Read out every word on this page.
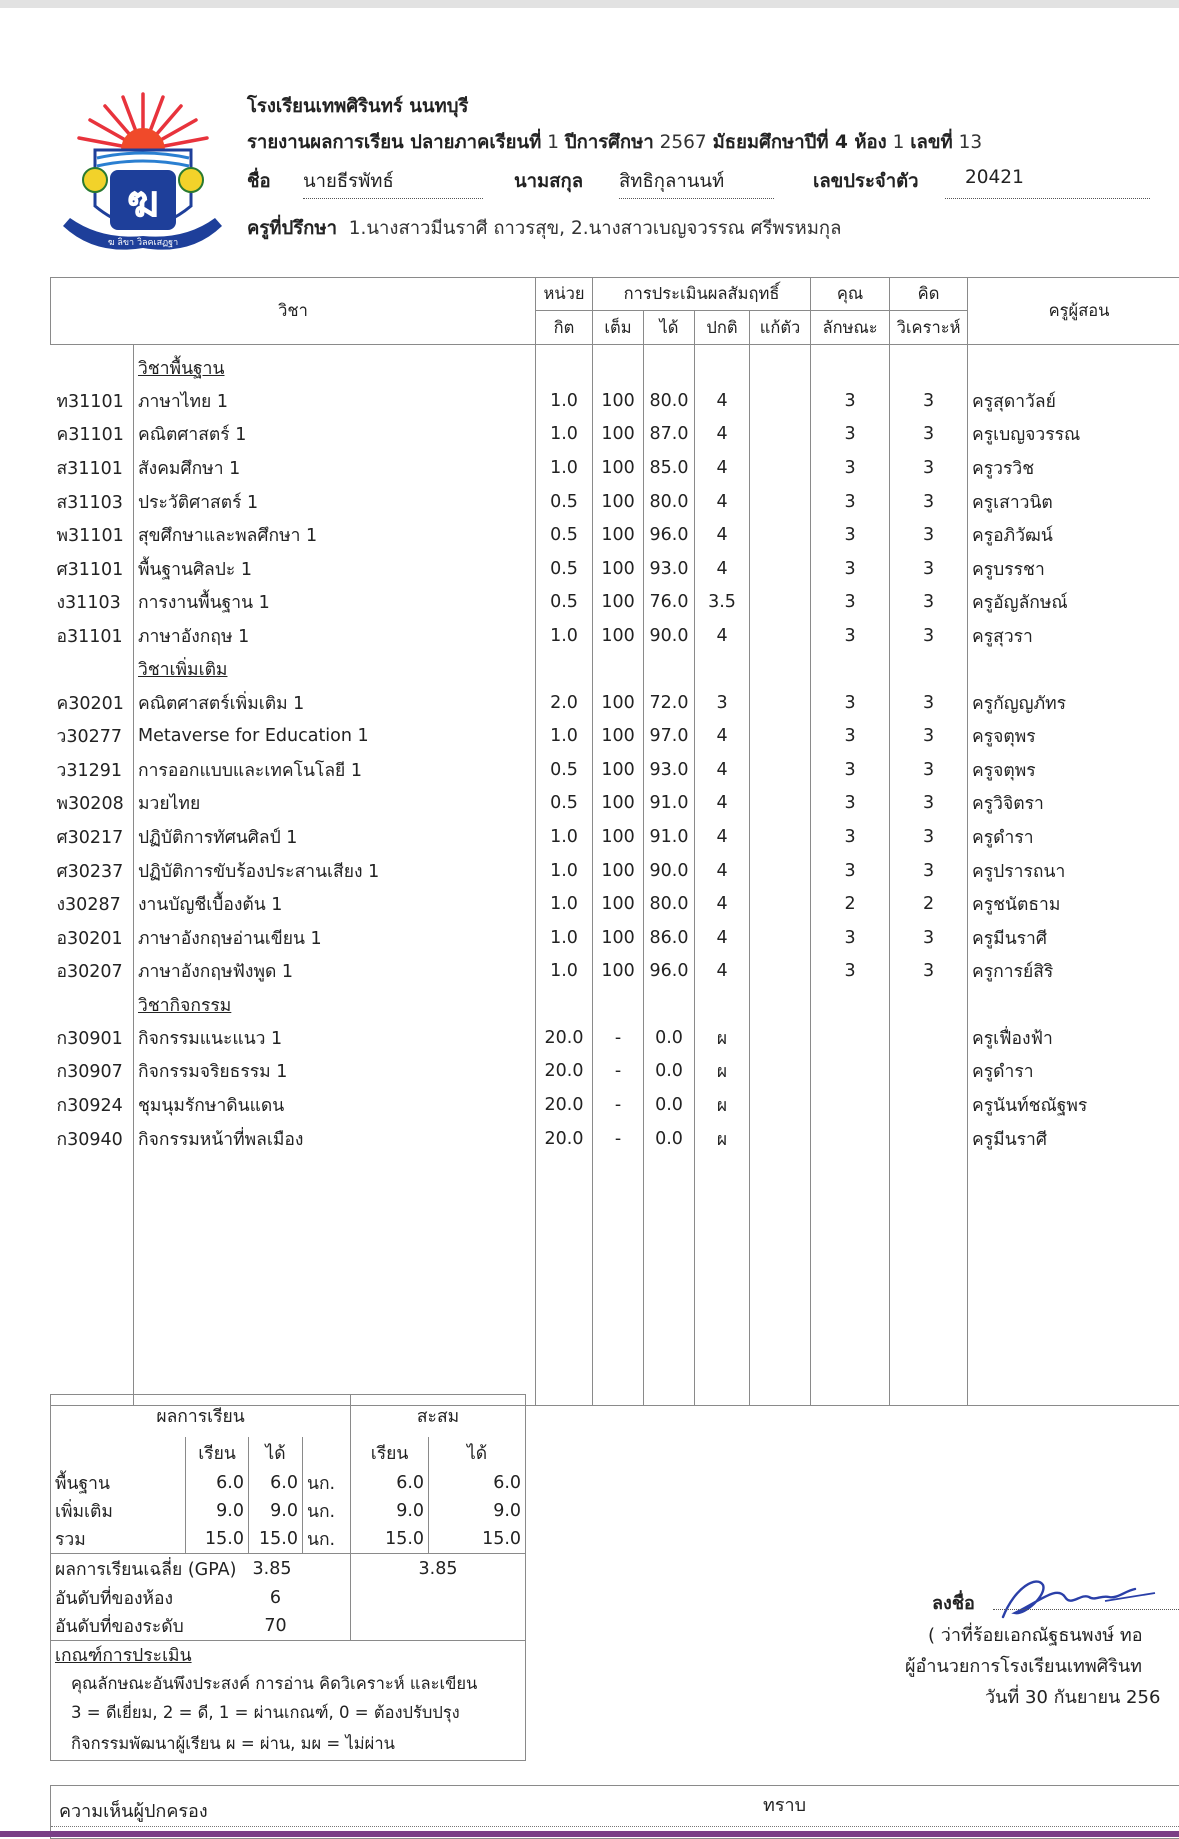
ฆ
ฆ ลิขา วิลคเสฏฐา
โรงเรียนเทพศิรินทร์ นนทบุรี
รายงานผลการเรียน ปลายภาคเรียนที่ 1 ปีการศึกษา 2567 มัธยมศึกษาปีที่ 4 ห้อง 1 เลขที่ 13
ชื่อ นายธีรพัทธ์	นามสกุล สิทธิกุลานนท์	เลขประจำตัว	20421
ครูที่ปรึกษา 1.นางสาวมีนราศี ถาวรสุข, 2.นางสาวเบญจวรรณ ศรีพรหมกุล
วิชา		หน่วย	การประเมินผลสัมฤทธิ์				คุณ	คิด	ครูผู้สอน
		กิต	เต็ม	ได้	ปกติ	แก้ตัว	ลักษณะ	วิเคราะห์	
	วิชาพื้นฐาน								
ท31101	ภาษาไทย 1	1.0	100	80.0	4		3	3	ครูสุดาวัลย์
ค31101	คณิตศาสตร์ 1	1.0	100	87.0	4		3	3	ครูเบญจวรรณ
ส31101	สังคมศึกษา 1	1.0	100	85.0	4		3	3	ครูวรวิช
ส31103	ประวัติศาสตร์ 1	0.5	100	80.0	4		3	3	ครูเสาวนิต
พ31101	สุขศึกษาและพลศึกษา 1	0.5	100	96.0	4		3	3	ครูอภิวัฒน์
ศ31101	พื้นฐานศิลปะ 1	0.5	100	93.0	4		3	3	ครูบรรชา
ง31103	การงานพื้นฐาน 1	0.5	100	76.0	3.5		3	3	ครูอัญลักษณ์
อ31101	ภาษาอังกฤษ 1	1.0	100	90.0	4		3	3	ครูสุวรา
	วิชาเพิ่มเติม								
ค30201	คณิตศาสตร์เพิ่มเติม 1	2.0	100	72.0	3		3	3	ครูกัญญภัทร
ว30277	Metaverse for Education 1	1.0	100	97.0	4		3	3	ครูจตุพร
ว31291	การออกแบบและเทคโนโลยี 1	0.5	100	93.0	4		3	3	ครูจตุพร
พ30208	มวยไทย	0.5	100	91.0	4		3	3	ครูวิจิตรา
ศ30217	ปฏิบัติการทัศนศิลป์ 1	1.0	100	91.0	4		3	3	ครูดำรา
ศ30237	ปฏิบัติการขับร้องประสานเสียง 1	1.0	100	90.0	4		3	3	ครูปรารถนา
ง30287	งานบัญชีเบื้องต้น 1	1.0	100	80.0	4		2	2	ครูชนัตธาม
อ30201	ภาษาอังกฤษอ่านเขียน 1	1.0	100	86.0	4		3	3	ครูมีนราศี
อ30207	ภาษาอังกฤษฟังพูด 1	1.0	100	96.0	4		3	3	ครูการย์สิริ
	วิชากิจกรรม								
ก30901	กิจกรรมแนะแนว 1	20.0	-	0.0	ผ				ครูเฟื่องฟ้า
ก30907	กิจกรรมจริยธรรม 1	20.0	-	0.0	ผ				ครูดำรา
ก30924	ชุมนุมรักษาดินแดน	20.0	-	0.0	ผ				ครูนันท์ชณัฐพร
ก30940	กิจกรรมหน้าที่พลเมือง	20.0	-	0.0	ผ				ครูมีนราศี

ผลการเรียน				สะสม	
	เรียน	ได้		เรียน	ได้
พื้นฐาน	6.0	6.0	นก.	6.0	6.0
เพิ่มเติม	9.0	9.0	นก.	9.0	9.0
รวม	15.0	15.0	นก.	15.0	15.0
ผลการเรียนเฉลี่ย (GPA)		3.85		3.85	
อันดับที่ของห้อง		6			
อันดับที่ของระดับ		70			
เกณฑ์การประเมิน					
คุณลักษณะอันพึงประสงค์ การอ่าน คิดวิเคราะห์ และเขียน					
3 = ดีเยี่ยม, 2 = ดี, 1 = ผ่านเกณฑ์, 0 = ต้องปรับปรุง					
กิจกรรมพัฒนาผู้เรียน ผ = ผ่าน, มผ = ไม่ผ่าน					
ลงชื่อ
( ว่าที่ร้อยเอกณัฐธนพงษ์ ทอ
ผู้อำนวยการโรงเรียนเทพศิรินท
วันที่ 30 กันยายน 256
ความเห็นผู้ปกครอง	ทราบ
